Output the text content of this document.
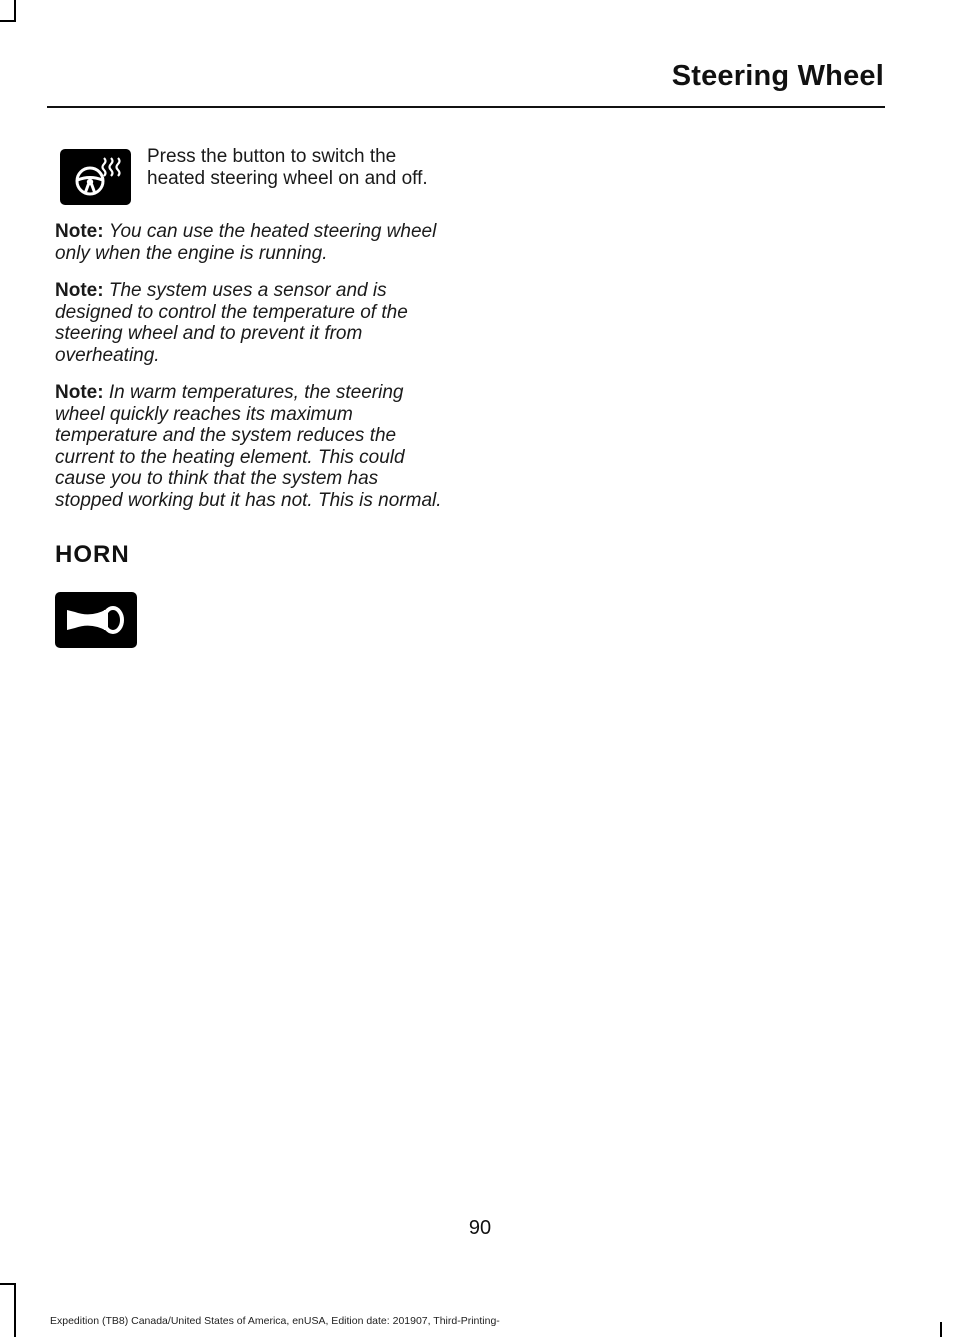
Steering Wheel
Press the button to switch the heated steering wheel on and off.

Note: You can use the heated steering wheel only when the engine is running.

Note: The system uses a sensor and is designed to control the temperature of the steering wheel and to prevent it from overheating.

Note: In warm temperatures, the steering wheel quickly reaches its maximum temperature and the system reduces the current to the heating element. This could cause you to think that the system has stopped working but it has not. This is normal.

HORN
90
Expedition (TB8) Canada/United States of America, enUSA, Edition date: 201907, Third-Printing-
